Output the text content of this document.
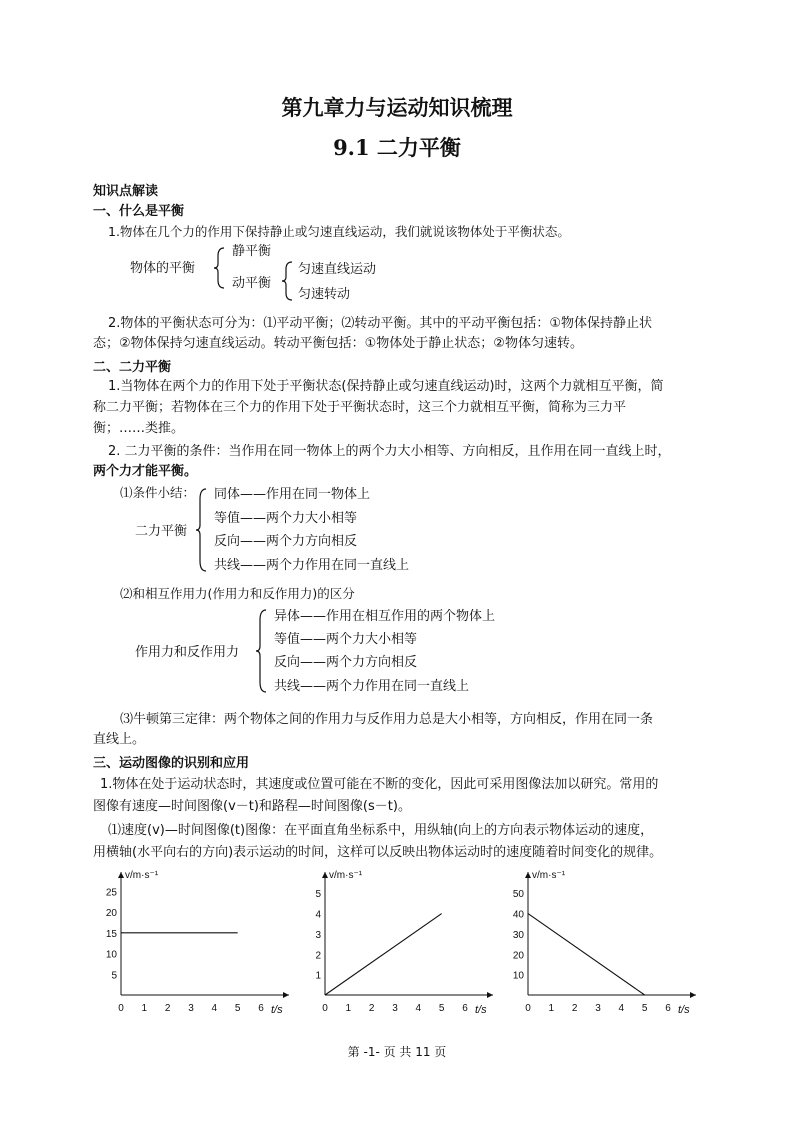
第九章力与运动知识梳理
9.1 二力平衡
知识点解读
一、什么是平衡
1.物体在几个力的作用下保持静止或匀速直线运动，我们就说该物体处于平衡状态。
物体的平衡
静平衡
动平衡
匀速直线运动
匀速转动
2.物体的平衡状态可分为：⑴平动平衡；⑵转动平衡。其中的平动平衡包括：①物体保持静止状
态；②物体保持匀速直线运动。转动平衡包括：①物体处于静止状态；②物体匀速转。
二、二力平衡
1.当物体在两个力的作用下处于平衡状态(保持静止或匀速直线运动)时，这两个力就相互平衡，简
称二力平衡；若物体在三个力的作用下处于平衡状态时，这三个力就相互平衡，简称为三力平
衡；……类推。
2. 二力平衡的条件：当作用在同一物体上的两个力大小相等、方向相反，且作用在同一直线上时，
两个力才能平衡。
⑴条件小结：
二力平衡
同体——作用在同一物体上
等值——两个力大小相等
反向——两个力方向相反
共线——两个力作用在同一直线上
⑵和相互作用力(作用力和反作用力)的区分
作用力和反作用力
异体——作用在相互作用的两个物体上
等值——两个力大小相等
反向——两个力方向相反
共线——两个力作用在同一直线上
⑶牛顿第三定律：两个物体之间的作用力与反作用力总是大小相等，方向相反，作用在同一条
直线上。
三、运动图像的识别和应用
1.物体在处于运动状态时，其速度或位置可能在不断的变化，因此可采用图像法加以研究。常用的
图像有速度—时间图像(v－t)和路程—时间图像(s－t)。
⑴速度(v)—时间图像(t)图像：在平面直角坐标系中，用纵轴(向上的方向表示物体运动的速度，
用横轴(水平向右的方向)表示运动的时间，这样可以反映出物体运动时的速度随着时间变化的规律。
v/m·s⁻¹
t/s
0 1 2 3 4 5 6
5
10
15
20
25
v/m·s⁻¹
t/s
0 1 2 3 4 5 6
1
2
3
4
5
v/m·s⁻¹
t/s
0 1 2 3 4 5 6
10
20
30
40
50
第 -1- 页 共 11 页
